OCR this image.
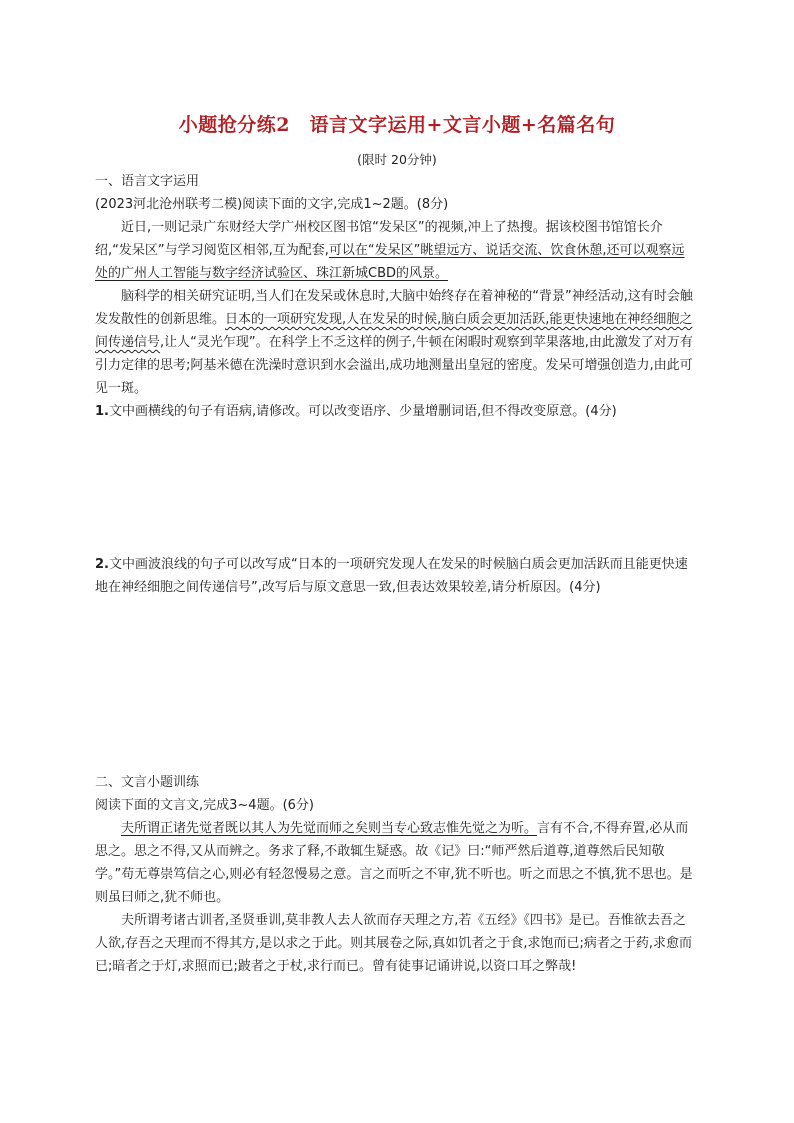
小题抢分练2　语言文字运用+文言小题+名篇名句
(限时 20分钟)

一、语言文字运用

(2023河北沧州联考二模)阅读下面的文字,完成1~2题。(8分)

近日,一则记录广东财经大学广州校区图书馆“发呆区”的视频,冲上了热搜。据该校图书馆馆长介绍,“发呆区”与学习阅览区相邻,互为配套,可以在“发呆区”眺望远方、说话交流、饮食休憩,还可以观察远处的广州人工智能与数字经济试验区、珠江新城CBD的风景。

脑科学的相关研究证明,当人们在发呆或休息时,大脑中始终存在着神秘的“背景”神经活动,这有时会触发发散性的创新思维。日本的一项研究发现,人在发呆的时候,脑白质会更加活跃,能更快速地在神经细胞之间传递信号,让人“灵光乍现”。在科学上不乏这样的例子,牛顿在闲暇时观察到苹果落地,由此激发了对万有引力定律的思考;阿基米德在洗澡时意识到水会溢出,成功地测量出皇冠的密度。发呆可增强创造力,由此可见一斑。

1.文中画横线的句子有语病,请修改。可以改变语序、少量增删词语,但不得改变原意。(4分)

2.文中画波浪线的句子可以改写成“日本的一项研究发现人在发呆的时候脑白质会更加活跃而且能更快速地在神经细胞之间传递信号”,改写后与原文意思一致,但表达效果较差,请分析原因。(4分)

二、文言小题训练

阅读下面的文言文,完成3~4题。(6分)

夫所谓正诸先觉者既以其人为先觉而师之矣则当专心致志惟先觉之为听。言有不合,不得弃置,必从而思之。思之不得,又从而辨之。务求了释,不敢辄生疑惑。故《记》曰:“师严然后道尊,道尊然后民知敬学。”苟无尊崇笃信之心,则必有轻忽慢易之意。言之而听之不审,犹不听也。听之而思之不慎,犹不思也。是则虽曰师之,犹不师也。

夫所谓考诸古训者,圣贤垂训,莫非教人去人欲而存天理之方,若《五经》《四书》是已。吾惟欲去吾之人欲,存吾之天理而不得其方,是以求之于此。则其展卷之际,真如饥者之于食,求饱而已;病者之于药,求愈而已;暗者之于灯,求照而已;跛者之于杖,求行而已。曾有徒事记诵讲说,以资口耳之弊哉!
